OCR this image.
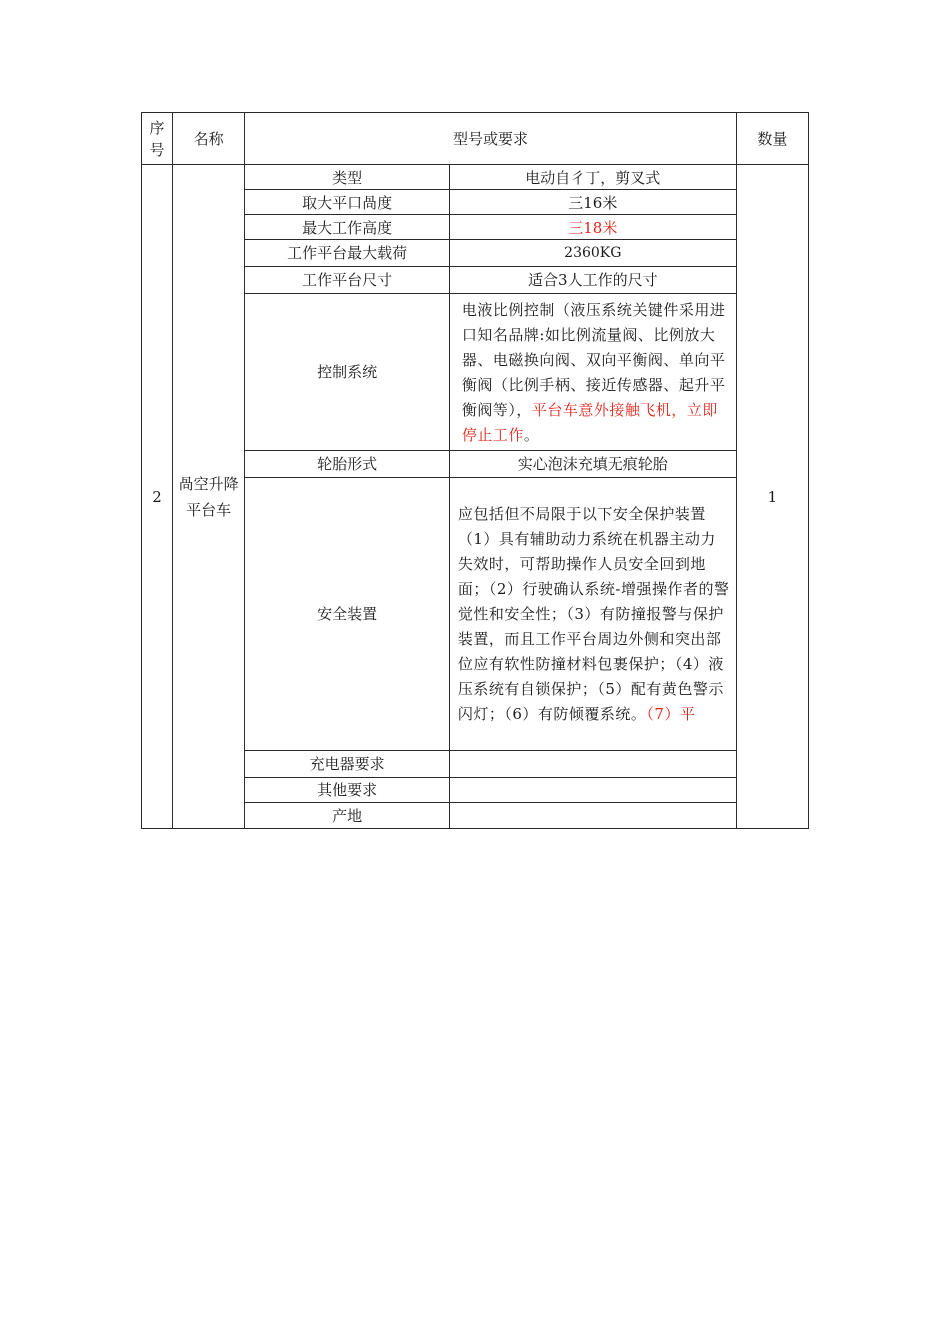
序号	名称	型号或要求		数量
2	咼空升降平台车	类型	电动自彳丁，剪叉式	1
		取大平口咼度	三16米	
		最大工作高度	三18米	
		工作平台最大载荷	2360KG	
		工作平台尺寸	适合3人工作的尺寸	
		控制系统	电液比例控制（液压系统关键件采用进口知名品牌:如比例流量阀、比例放大器、电磁换向阀、双向平衡阀、单向平衡阀（比例手柄、接近传感器、起升平衡阀等），平台车意外接触飞机，立即停止工作。	

		轮胎形式	实心泡沫充填无痕轮胎	
		安全装置	应包括但不局限于以下安全保护装置
（1）具有辅助动力系统在机器主动力失效时，可帮助操作人员安全回到地面；（2）行驶确认系统-增强操作者的警觉性和安全性；（3）有防撞报警与保护装置，而且工作平台周边外侧和突出部位应有软性防撞材料包裹保护；（4）液压系统有自锁保护；（5）配有黄色警示闪灯；（6）有防倾覆系统。（7）平	

		充电器要求		
		其他要求		
		产地		
